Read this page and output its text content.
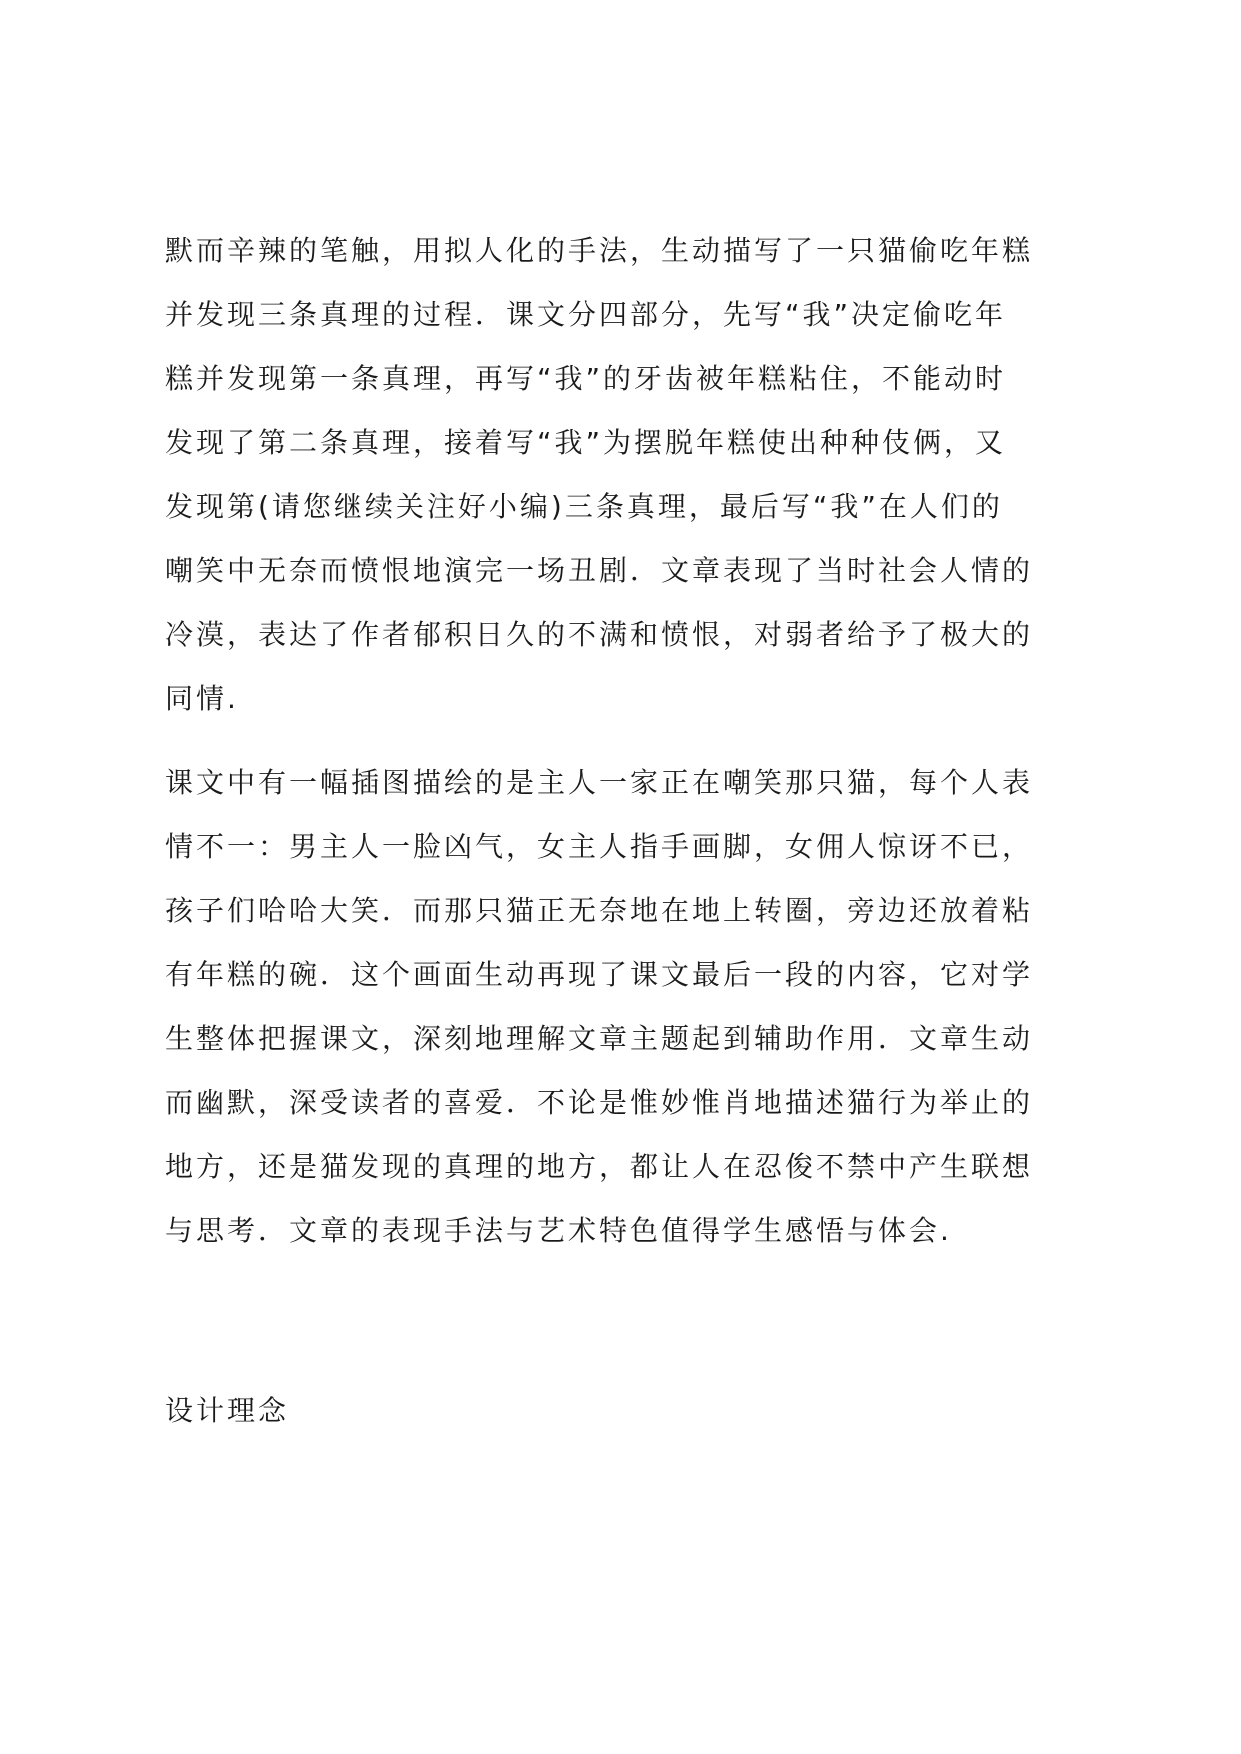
默而辛辣的笔触，用拟人化的手法，生动描写了一只猫偷吃年糕
并发现三条真理的过程．课文分四部分，先写“我”决定偷吃年
糕并发现第一条真理，再写“我”的牙齿被年糕粘住，不能动时
发现了第二条真理，接着写“我”为摆脱年糕使出种种伎俩，又
发现第(请您继续关注好小编)三条真理，最后写“我”在人们的
嘲笑中无奈而愤恨地演完一场丑剧．文章表现了当时社会人情的
冷漠，表达了作者郁积日久的不满和愤恨，对弱者给予了极大的
同情.
课文中有一幅插图描绘的是主人一家正在嘲笑那只猫，每个人表
情不一：男主人一脸凶气，女主人指手画脚，女佣人惊讶不已，
孩子们哈哈大笑．而那只猫正无奈地在地上转圈，旁边还放着粘
有年糕的碗．这个画面生动再现了课文最后一段的内容，它对学
生整体把握课文，深刻地理解文章主题起到辅助作用．文章生动
而幽默，深受读者的喜爱．不论是惟妙惟肖地描述猫行为举止的
地方，还是猫发现的真理的地方，都让人在忍俊不禁中产生联想
与思考．文章的表现手法与艺术特色值得学生感悟与体会.
设计理念
